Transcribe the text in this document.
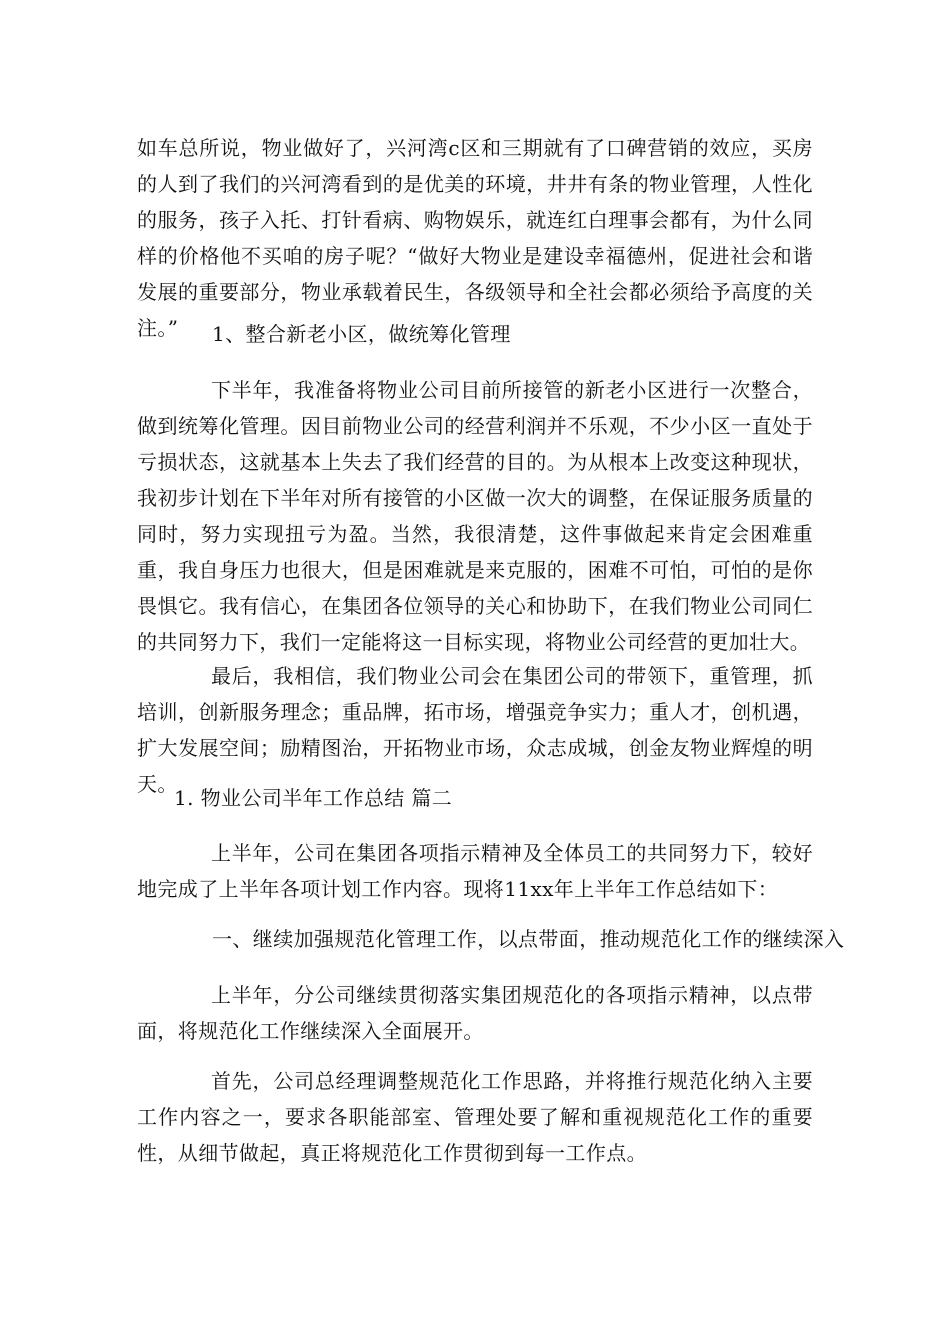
如车总所说，物业做好了，兴河湾c区和三期就有了口碑营销的效应，买房的人到了我们的兴河湾看到的是优美的环境，井井有条的物业管理，人性化的服务，孩子入托、打针看病、购物娱乐，就连红白理事会都有，为什么同样的价格他不买咱的房子呢？“做好大物业是建设幸福德州，促进社会和谐发展的重要部分，物业承载着民生，各级领导和全社会都必须给予高度的关注。”	1、整合新老小区，做统筹化管理

下半年，我准备将物业公司目前所接管的新老小区进行一次整合，做到统筹化管理。因目前物业公司的经营利润并不乐观，不少小区一直处于亏损状态，这就基本上失去了我们经营的目的。为从根本上改变这种现状，我初步计划在下半年对所有接管的小区做一次大的调整，在保证服务质量的同时，努力实现扭亏为盈。当然，我很清楚，这件事做起来肯定会困难重重，我自身压力也很大，但是困难就是来克服的，困难不可怕，可怕的是你畏惧它。我有信心，在集团各位领导的关心和协助下，在我们物业公司同仁的共同努力下，我们一定能将这一目标实现，将物业公司经营的更加壮大。

最后，我相信，我们物业公司会在集团公司的带领下，重管理，抓培训，创新服务理念；重品牌，拓市场，增强竞争实力；重人才，创机遇，扩大发展空间；励精图治，开拓物业市场，众志成城，创金友物业辉煌的明天。

1. 物业公司半年工作总结 篇二

上半年，公司在集团各项指示精神及全体员工的共同努力下，较好地完成了上半年各项计划工作内容。现将11xx年上半年工作总结如下：

一、继续加强规范化管理工作，以点带面，推动规范化工作的继续深入

上半年，分公司继续贯彻落实集团规范化的各项指示精神，以点带面，将规范化工作继续深入全面展开。

首先，公司总经理调整规范化工作思路，并将推行规范化纳入主要工作内容之一，要求各职能部室、管理处要了解和重视规范化工作的重要性，从细节做起，真正将规范化工作贯彻到每一工作点。
